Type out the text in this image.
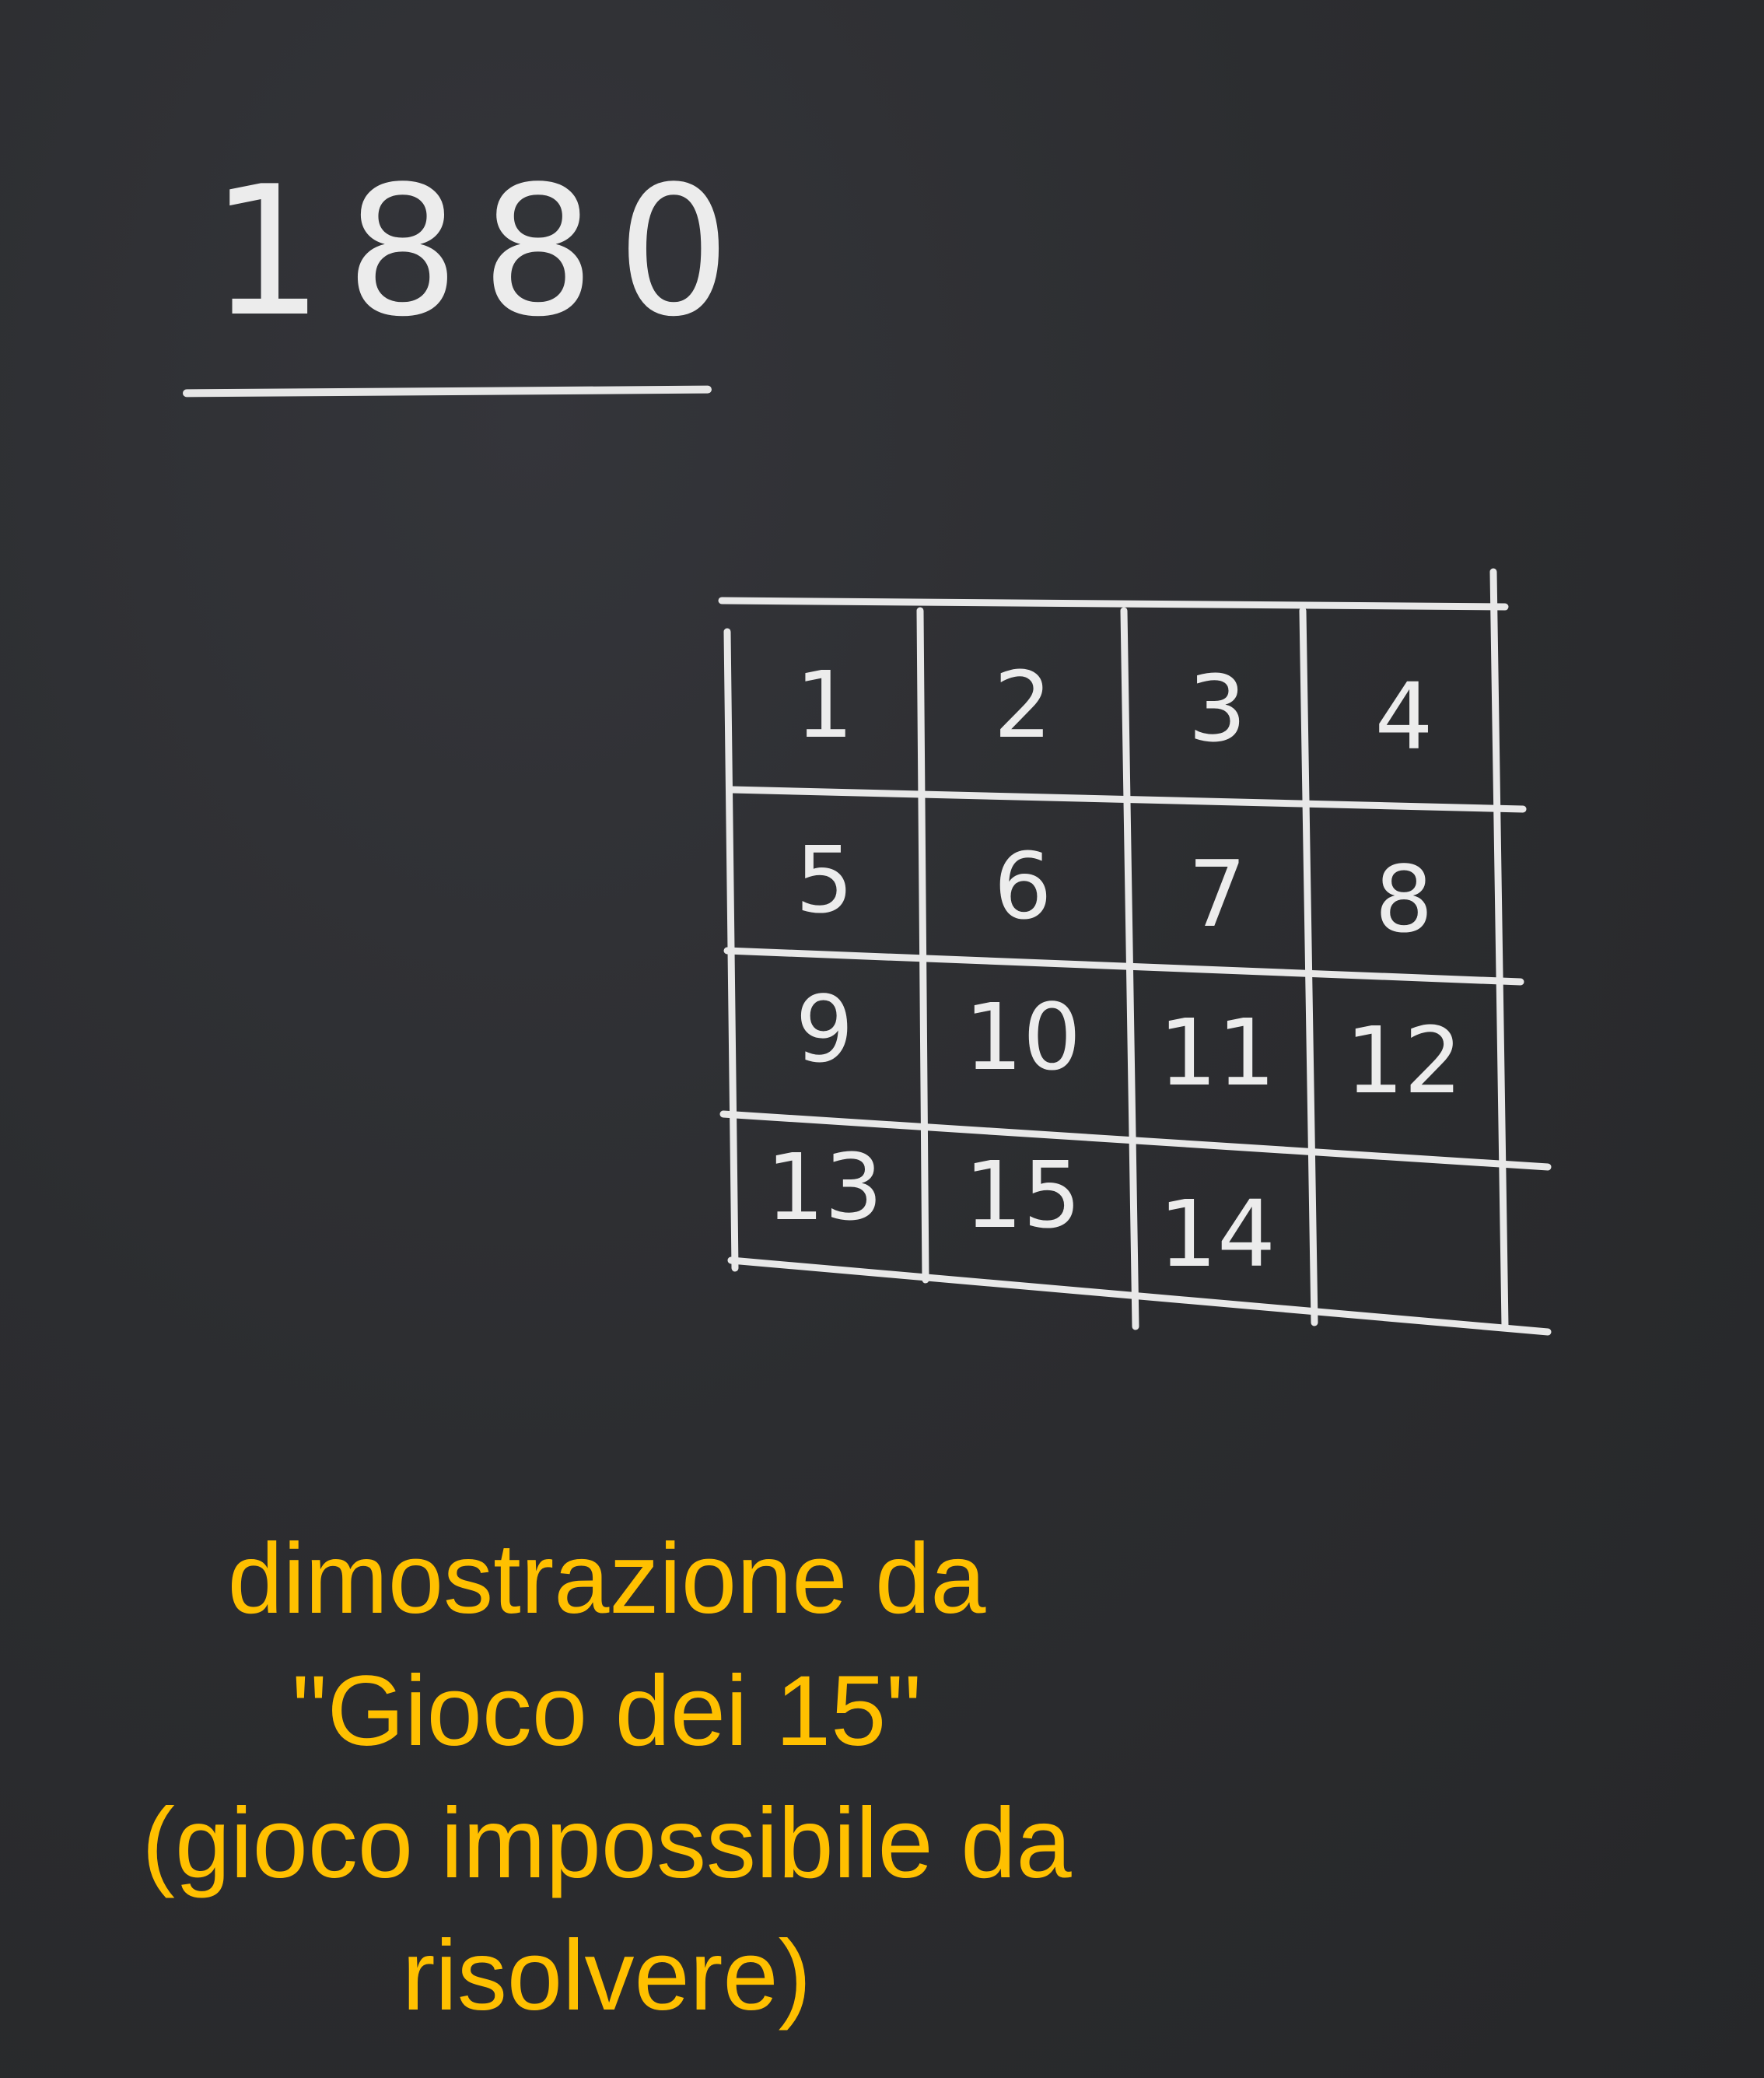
1880
1 2 3 4
5 6 7 8
9 10 11 12
13 15 14
dimostrazione da
"Gioco dei 15"
(gioco impossibile da
risolvere)
